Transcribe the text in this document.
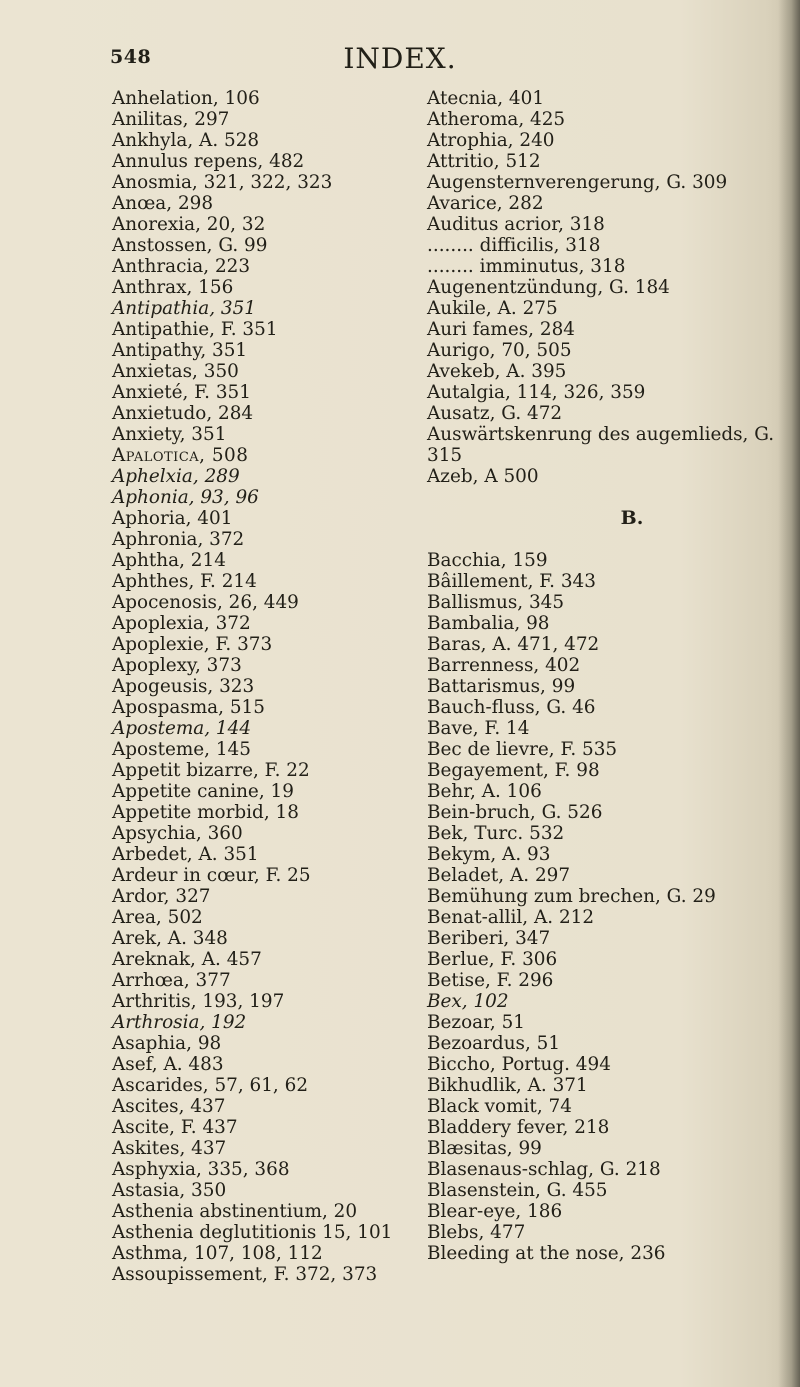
548	INDEX.
Anhelation, 106
Anilitas, 297
Ankhyla, A. 528
Annulus repens, 482
Anosmia, 321, 322, 323
Anœa, 298
Anorexia, 20, 32
Anstossen, G. 99
Anthracia, 223
Anthrax, 156
Antipathia, 351
Antipathie, F. 351
Antipathy, 351
Anxietas, 350
Anxieté, F. 351
Anxietudo, 284
Anxiety, 351
Apalotica, 508
Aphelxia, 289
Aphonia, 93, 96
Aphoria, 401
Aphronia, 372
Aphtha, 214
Aphthes, F. 214
Apocenosis, 26, 449
Apoplexia, 372
Apoplexie, F. 373
Apoplexy, 373
Apogeusis, 323
Apospasma, 515
Apostema, 144
Aposteme, 145
Appetit bizarre, F. 22
Appetite canine, 19
Appetite morbid, 18
Apsychia, 360
Arbedet, A. 351
Ardeur in cœur, F. 25
Ardor, 327
Area, 502
Arek, A. 348
Areknak, A. 457
Arrhœa, 377
Arthritis, 193, 197
Arthrosia, 192
Asaphia, 98
Asef, A. 483
Ascarides, 57, 61, 62
Ascites, 437
Ascite, F. 437
Askites, 437
Asphyxia, 335, 368
Astasia, 350
Asthenia abstinentium, 20
Asthenia deglutitionis 15, 101
Asthma, 107, 108, 112
Assoupissement, F. 372, 373
Atecnia, 401
Atheroma, 425
Atrophia, 240
Attritio, 512
Augensternverengerung, G. 309
Avarice, 282
Auditus acrior, 318
........ difficilis, 318
........ imminutus, 318
Augenentzündung, G. 184
Aukile, A. 275
Auri fames, 284
Aurigo, 70, 505
Avekeb, A. 395
Autalgia, 114, 326, 359
Ausatz, G. 472
Auswärtskenrung des augemlieds, G.
315
Azeb, A 500
B.
Bacchia, 159
Bâillement, F. 343
Ballismus, 345
Bambalia, 98
Baras, A. 471, 472
Barrenness, 402
Battarismus, 99
Bauch-fluss, G. 46
Bave, F. 14
Bec de lievre, F. 535
Begayement, F. 98
Behr, A. 106
Bein-bruch, G. 526
Bek, Turc. 532
Bekym, A. 93
Beladet, A. 297
Bemühung zum brechen, G. 29
Benat-allil, A. 212
Beriberi, 347
Berlue, F. 306
Betise, F. 296
Bex, 102
Bezoar, 51
Bezoardus, 51
Biccho, Portug. 494
Bikhudlik, A. 371
Black vomit, 74
Bladdery fever, 218
Blæsitas, 99
Blasenaus-schlag, G. 218
Blasenstein, G. 455
Blear-eye, 186
Blebs, 477
Bleeding at the nose, 236
